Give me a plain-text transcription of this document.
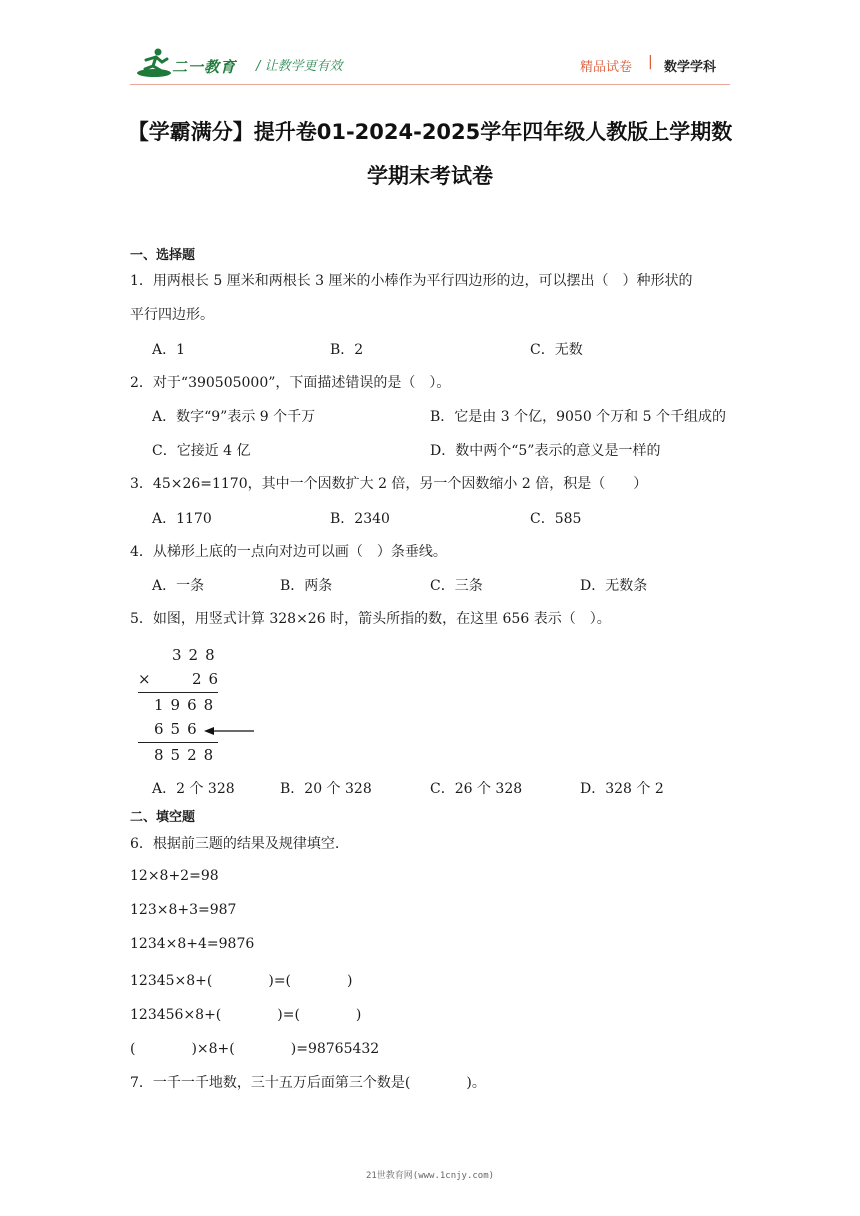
二一教育 / 让教学更有效	精品试卷 | 数学学科
【学霸满分】提升卷01-2024-2025学年四年级人教版上学期数
学期末考试卷
一、选择题
1．用两根长 5 厘米和两根长 3 厘米的小棒作为平行四边形的边，可以摆出（　）种形状的
平行四边形。
A．1	B．2	C．无数
2．对于“390505000”，下面描述错误的是（　）。
A．数字“9”表示 9 个千万	B．它是由 3 个亿，9050 个万和 5 个千组成的
C．它接近 4 亿	D．数中两个“5”表示的意义是一样的
3．45×26=1170，其中一个因数扩大 2 倍，另一个因数缩小 2 倍，积是（　　）
A．1170	B．2340	C．585
4．从梯形上底的一点向对边可以画（　）条垂线。
A．一条	B．两条	C．三条	D．无数条
5．如图，用竖式计算 328×26 时，箭头所指的数，在这里 656 表示（　）。
328
× 26
1968
656
8528
A．2 个 328	B．20 个 328	C．26 个 328	D．328 个 2
二、填空题
6．根据前三题的结果及规律填空.
12×8+2=98
123×8+3=987
1234×8+4=9876
12345×8+(　　　　)=(　　　　)
123456×8+(　　　　)=(　　　　)
(　　　　)×8+(　　　　)=98765432
7．一千一千地数，三十五万后面第三个数是(　　　　)。
21世教育网(www.1cnjy.com)
